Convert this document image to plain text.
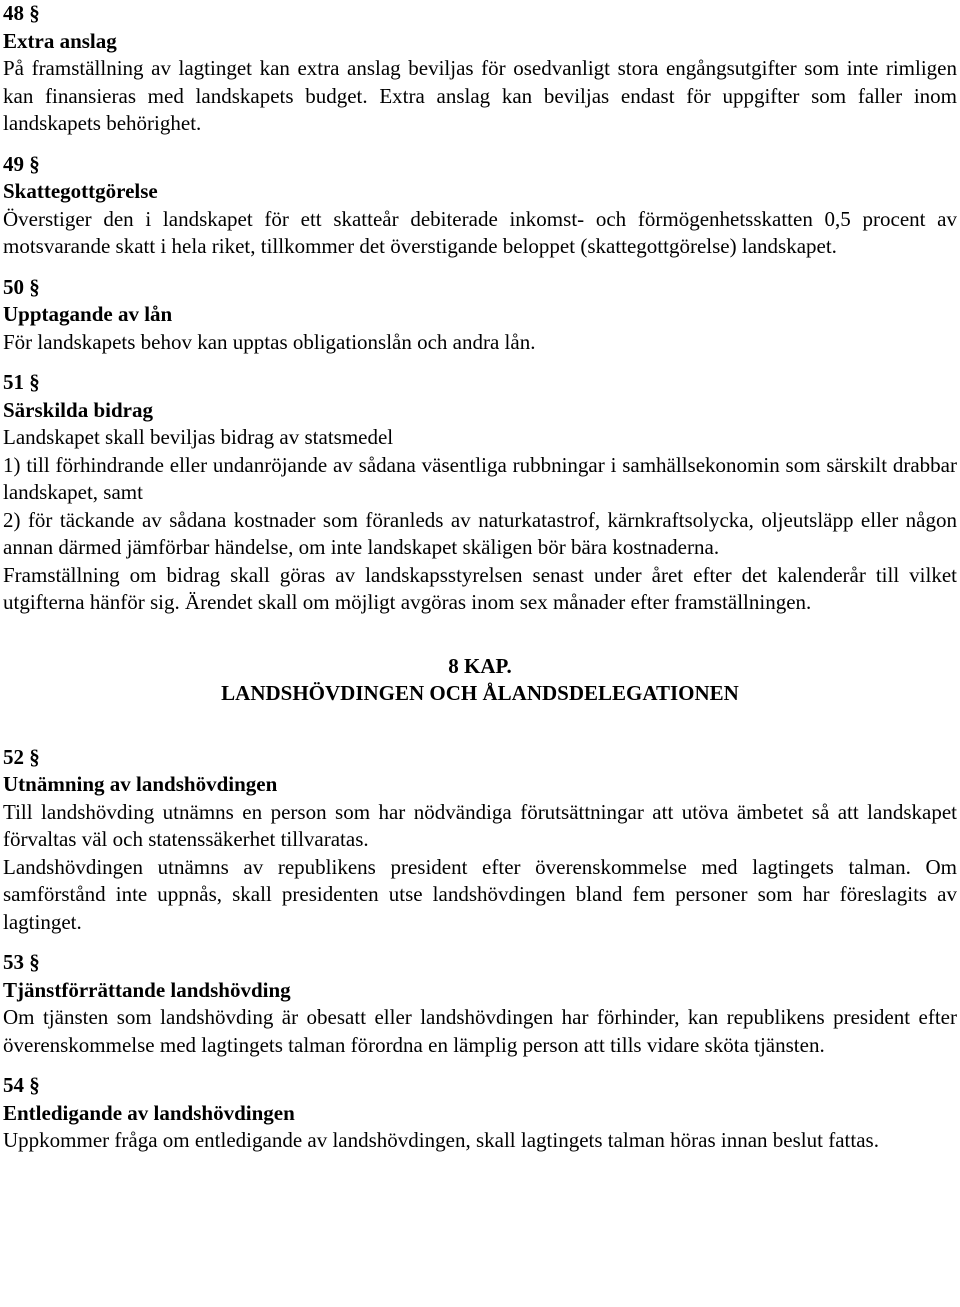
48 §

Extra anslag

På framställning av lagtinget kan extra anslag beviljas för osedvanligt stora engångsutgifter som inte rimligen kan finansieras med landskapets budget. Extra anslag kan beviljas endast för uppgifter som faller inom landskapets behörighet.

49 §

Skattegottgörelse

Överstiger den i landskapet för ett skatteår debiterade inkomst- och förmögenhetsskatten 0,5 procent av motsvarande skatt i hela riket, tillkommer det överstigande beloppet (skattegottgörelse) landskapet.

50 §

Upptagande av lån

För landskapets behov kan upptas obligationslån och andra lån.

51 §

Särskilda bidrag

Landskapet skall beviljas bidrag av statsmedel

1) till förhindrande eller undanröjande av sådana väsentliga rubbningar i samhällsekonomin som särskilt drabbar landskapet, samt

2) för täckande av sådana kostnader som föranleds av naturkatastrof, kärnkraftsolycka, oljeutsläpp eller någon annan därmed jämförbar händelse, om inte landskapet skäligen bör bära kostnaderna.

Framställning om bidrag skall göras av landskapsstyrelsen senast under året efter det kalenderår till vilket utgifterna hänför sig. Ärendet skall om möjligt avgöras inom sex månader efter framställningen.

8 KAP.

LANDSHÖVDINGEN OCH ÅLANDSDELEGATIONEN

52 §

Utnämning av landshövdingen

Till landshövding utnämns en person som har nödvändiga förutsättningar att utöva ämbetet så att landskapet förvaltas väl och statenssäkerhet tillvaratas.

Landshövdingen utnämns av republikens president efter överenskommelse med lagtingets talman. Om samförstånd inte uppnås, skall presidenten utse landshövdingen bland fem personer som har föreslagits av lagtinget.

53 §

Tjänstförrättande landshövding

Om tjänsten som landshövding är obesatt eller landshövdingen har förhinder, kan republikens president efter överenskommelse med lagtingets talman förordna en lämplig person att tills vidare sköta tjänsten.

54 §

Entledigande av landshövdingen

Uppkommer fråga om entledigande av landshövdingen, skall lagtingets talman höras innan beslut fattas.
